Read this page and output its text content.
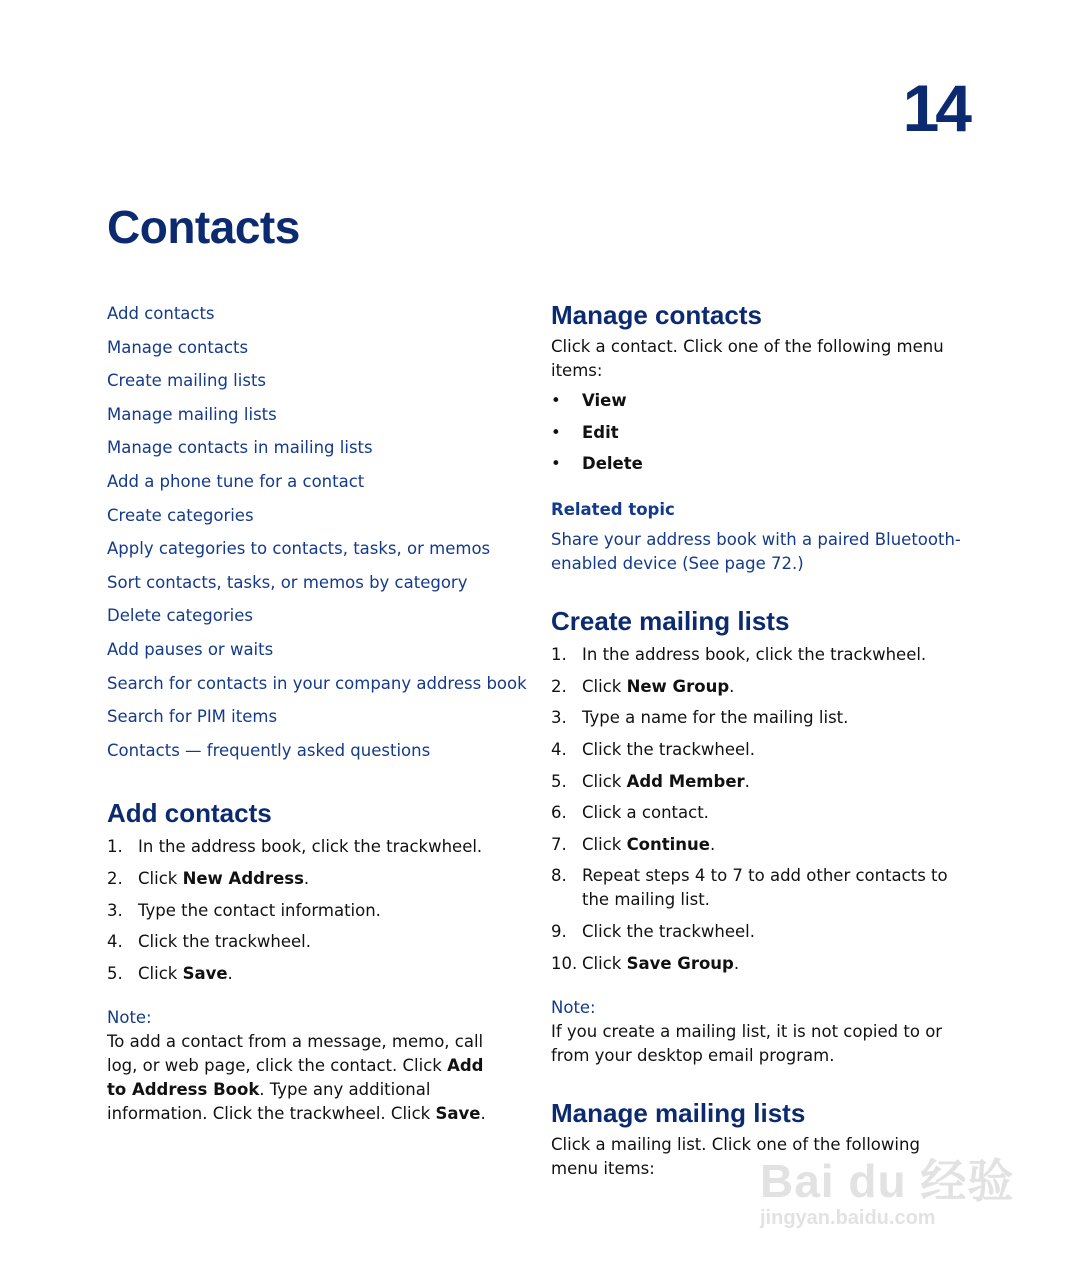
14
Contacts
Add contacts
Manage contacts
Create mailing lists
Manage mailing lists
Manage contacts in mailing lists
Add a phone tune for a contact
Create categories
Apply categories to contacts, tasks, or memos
Sort contacts, tasks, or memos by category
Delete categories
Add pauses or waits
Search for contacts in your company address book
Search for PIM items
Contacts — frequently asked questions
Add contacts
1. In the address book, click the trackwheel.
2. Click New Address.
3. Type the contact information.
4. Click the trackwheel.
5. Click Save.
Note:
To add a contact from a message, memo, call log, or web page, click the contact. Click Add to Address Book. Type any additional information. Click the trackwheel. Click Save.
Manage contacts
Click a contact. Click one of the following menu items:
• View
• Edit
• Delete
Related topic
Share your address book with a paired Bluetooth-enabled device (See page 72.)
Create mailing lists
1. In the address book, click the trackwheel.
2. Click New Group.
3. Type a name for the mailing list.
4. Click the trackwheel.
5. Click Add Member.
6. Click a contact.
7. Click Continue.
8. Repeat steps 4 to 7 to add other contacts to the mailing list.
9. Click the trackwheel.
10. Click Save Group.
Note:
If you create a mailing list, it is not copied to or from your desktop email program.
Manage mailing lists
Click a mailing list. Click one of the following menu items:	Bai du 经验
jingyan.baidu.com
